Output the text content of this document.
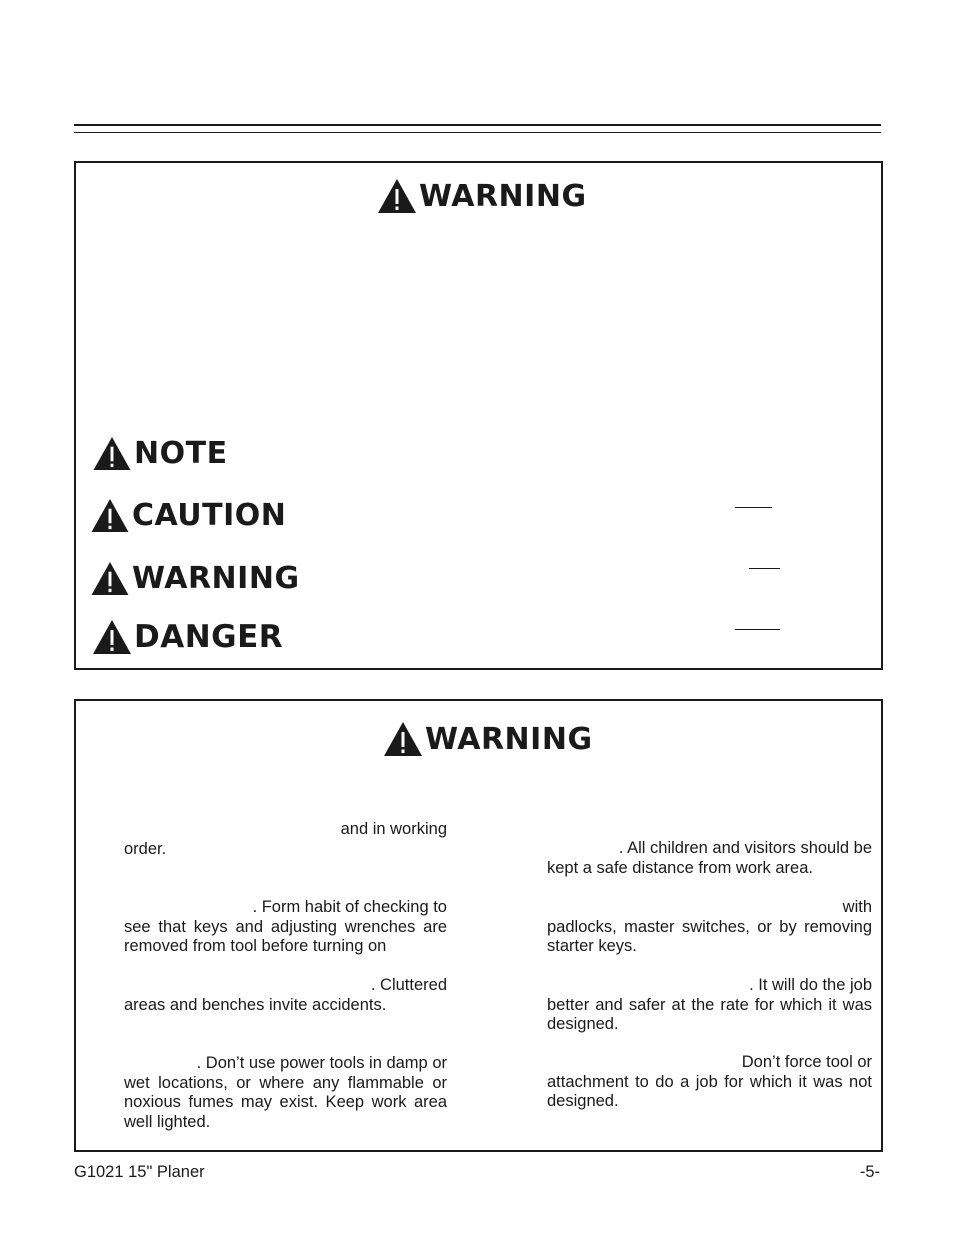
WARNING
NOTE
CAUTION
WARNING
DANGER
WARNING
and in working
order.
. Form habit of checking to
see that keys and adjusting wrenches are
removed from tool before turning on
. Cluttered
areas and benches invite accidents.
. Don’t use power tools in damp or
wet locations, or where any flammable or
noxious fumes may exist. Keep work area
well lighted.
. All children and visitors should be
kept a safe distance from work area.
with
padlocks, master switches, or by removing
starter keys.
. It will do the job
better and safer at the rate for which it was
designed.
Don’t force tool or
attachment to do a job for which it was not
designed.
G1021 15" Planer	-5-
